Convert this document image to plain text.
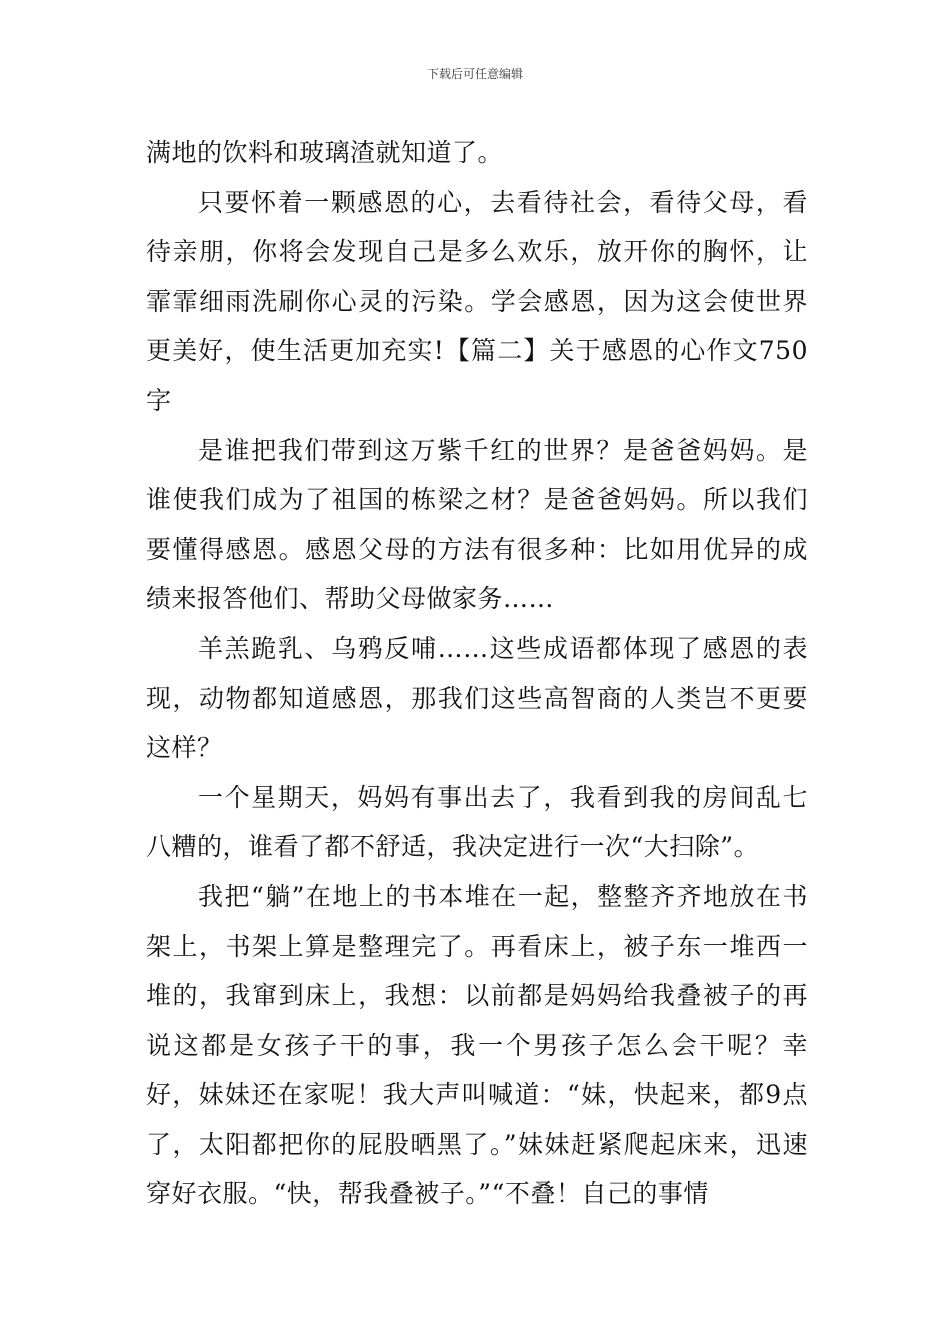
下载后可任意编辑

满地的饮料和玻璃渣就知道了。

只要怀着一颗感恩的心，去看待社会，看待父母，看待亲朋，你将会发现自己是多么欢乐，放开你的胸怀，让霏霏细雨洗刷你心灵的污染。学会感恩，因为这会使世界更美好，使生活更加充实!【篇二】关于感恩的心作文750字

是谁把我们带到这万紫千红的世界？是爸爸妈妈。是谁使我们成为了祖国的栋梁之材？是爸爸妈妈。所以我们要懂得感恩。感恩父母的方法有很多种：比如用优异的成绩来报答他们、帮助父母做家务……

羊羔跪乳、乌鸦反哺……这些成语都体现了感恩的表现，动物都知道感恩，那我们这些高智商的人类岂不更要这样？

一个星期天，妈妈有事出去了，我看到我的房间乱七八糟的，谁看了都不舒适，我决定进行一次“大扫除”。

我把“躺”在地上的书本堆在一起，整整齐齐地放在书架上，书架上算是整理完了。再看床上，被子东一堆西一堆的，我窜到床上，我想：以前都是妈妈给我叠被子的再说这都是女孩子干的事，我一个男孩子怎么会干呢？幸好，妹妹还在家呢！我大声叫喊道：“妹，快起来，都9点了，太阳都把你的屁股晒黑了。”妹妹赶紧爬起床来，迅速穿好衣服。“快，帮我叠被子。”“不叠！自己的事情
